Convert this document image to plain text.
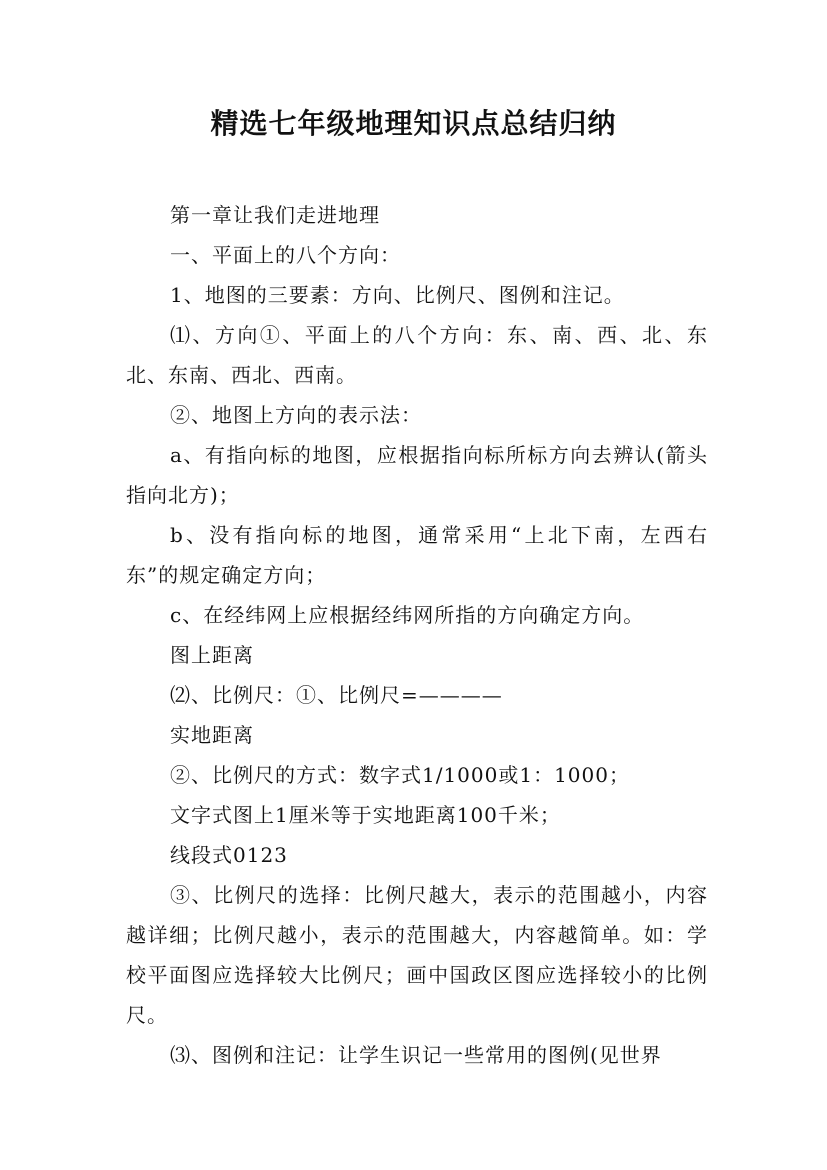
精选七年级地理知识点总结归纳

第一章让我们走进地理

一、平面上的八个方向：

1、地图的三要素：方向、比例尺、图例和注记。

⑴、方向①、平面上的八个方向：东、南、西、北、东北、东南、西北、西南。

②、地图上方向的表示法：

a、有指向标的地图，应根据指向标所标方向去辨认(箭头指向北方)；

b、没有指向标的地图，通常采用“上北下南，左西右东”的规定确定方向；

c、在经纬网上应根据经纬网所指的方向确定方向。

图上距离

⑵、比例尺：①、比例尺=————

实地距离

②、比例尺的方式：数字式1/1000或1：1000；

文字式图上1厘米等于实地距离100千米；

线段式0123

③、比例尺的选择：比例尺越大，表示的范围越小，内容越详细；比例尺越小，表示的范围越大，内容越简单。如：学校平面图应选择较大比例尺；画中国政区图应选择较小的比例尺。

⑶、图例和注记：让学生识记一些常用的图例(见世界
